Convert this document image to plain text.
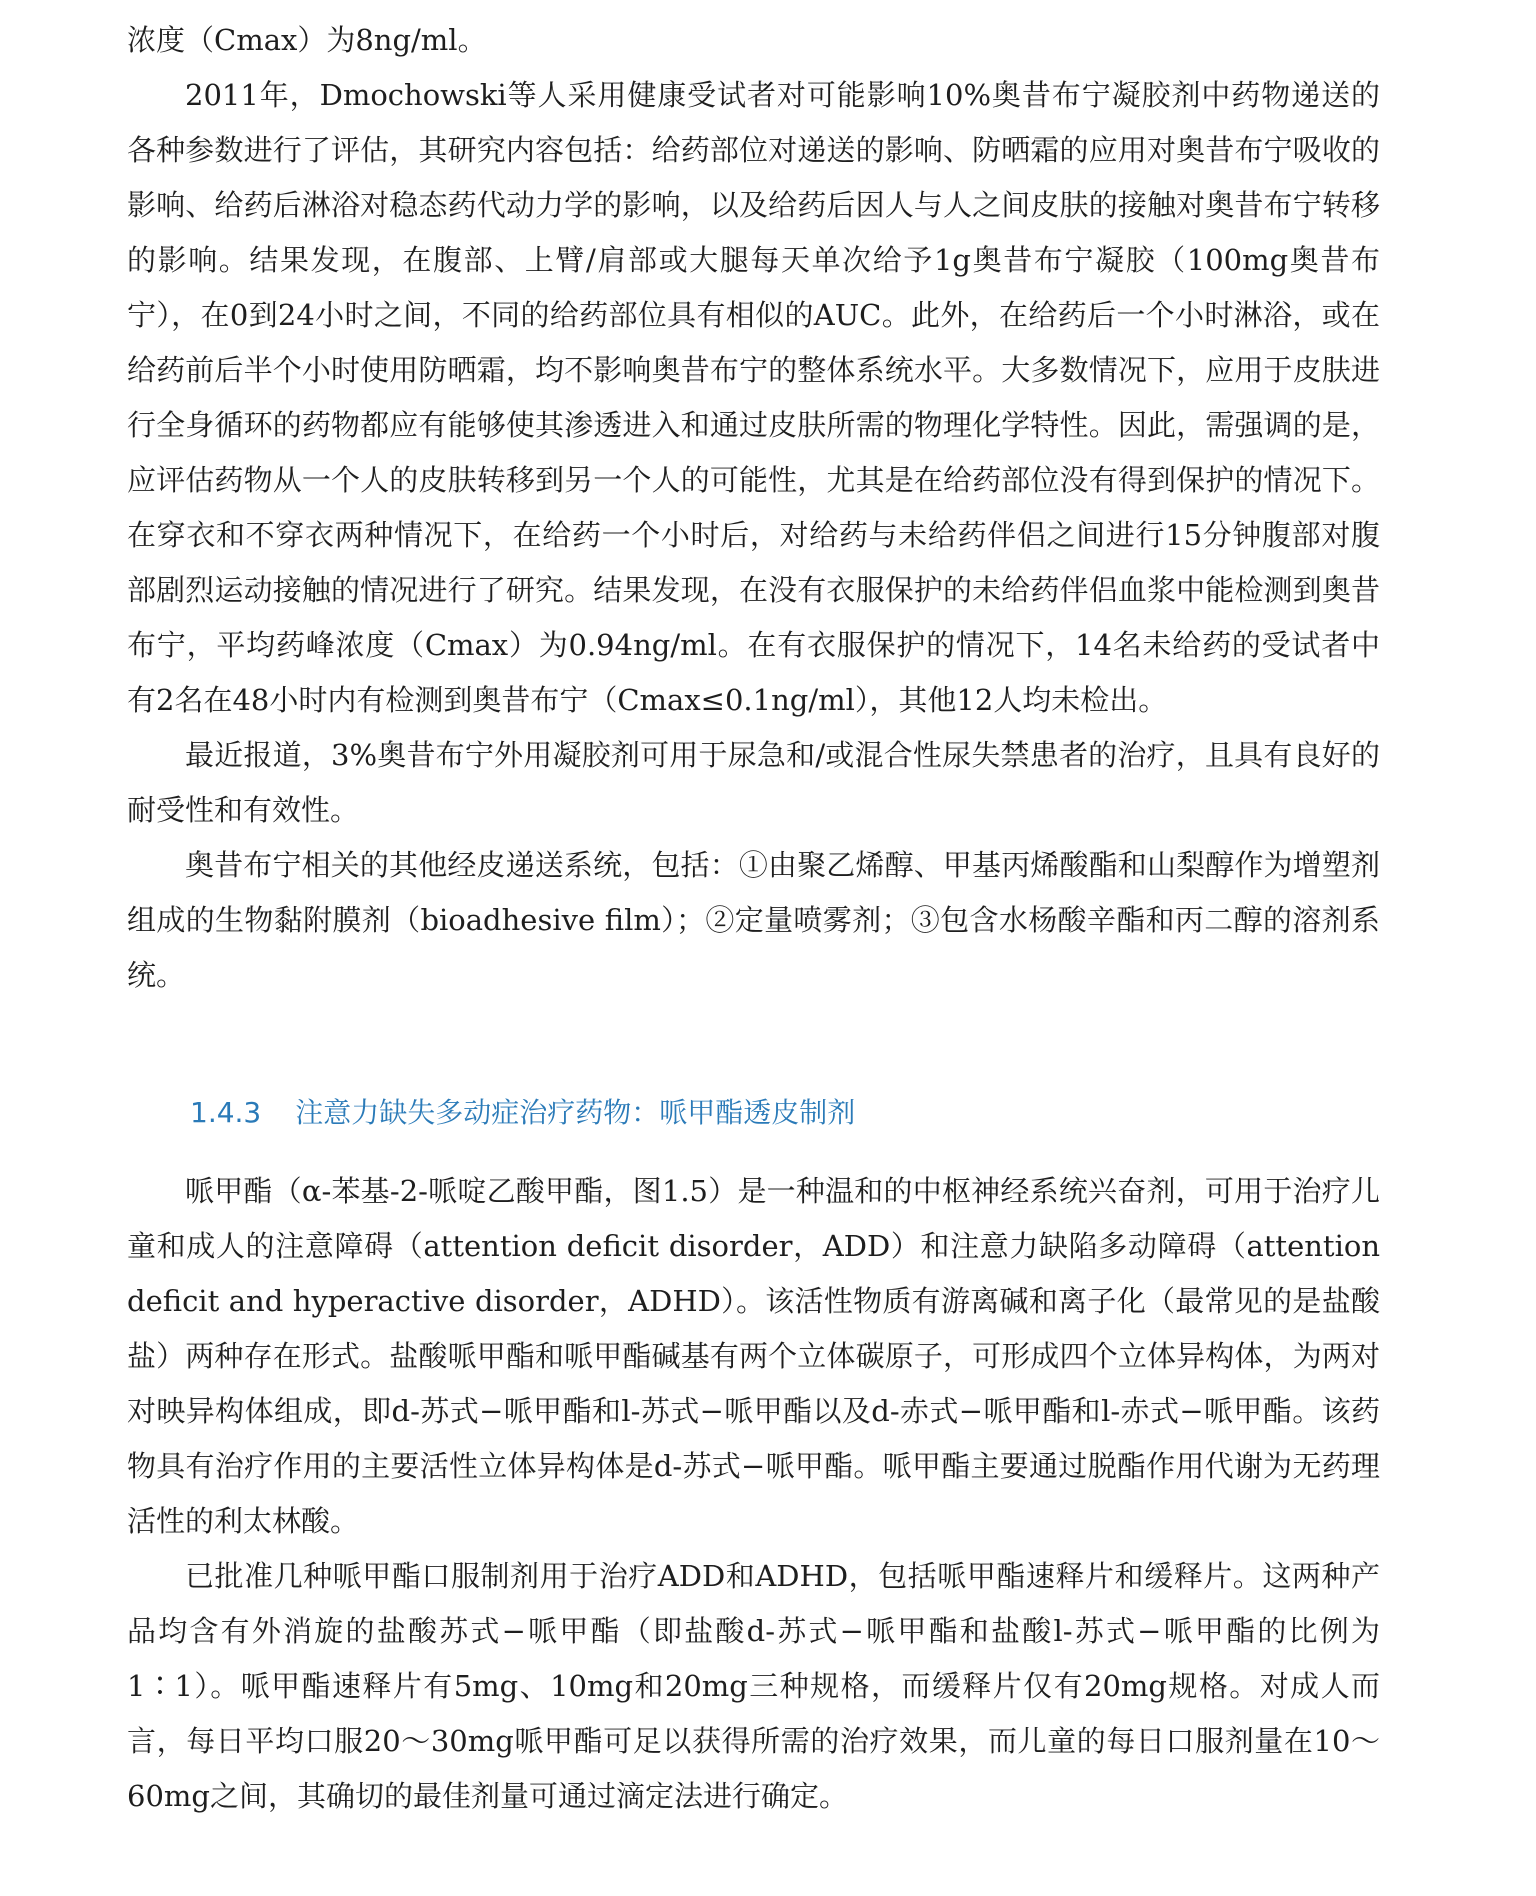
浓度（Cmax）为8ng/ml。

2011年，Dmochowski等人采用健康受试者对可能影响10%奥昔布宁凝胶剂中药物递送的各种参数进行了评估，其研究内容包括：给药部位对递送的影响、防晒霜的应用对奥昔布宁吸收的影响、给药后淋浴对稳态药代动力学的影响，以及给药后因人与人之间皮肤的接触对奥昔布宁转移的影响。结果发现，在腹部、上臂/肩部或大腿每天单次给予1g奥昔布宁凝胶（100mg奥昔布宁），在0到24小时之间，不同的给药部位具有相似的AUC。此外，在给药后一个小时淋浴，或在给药前后半个小时使用防晒霜，均不影响奥昔布宁的整体系统水平。大多数情况下，应用于皮肤进行全身循环的药物都应有能够使其渗透进入和通过皮肤所需的物理化学特性。因此，需强调的是，应评估药物从一个人的皮肤转移到另一个人的可能性，尤其是在给药部位没有得到保护的情况下。在穿衣和不穿衣两种情况下，在给药一个小时后，对给药与未给药伴侣之间进行15分钟腹部对腹部剧烈运动接触的情况进行了研究。结果发现，在没有衣服保护的未给药伴侣血浆中能检测到奥昔布宁，平均药峰浓度（Cmax）为0.94ng/ml。在有衣服保护的情况下，14名未给药的受试者中有2名在48小时内有检测到奥昔布宁（Cmax≤0.1ng/ml），其他12人均未检出。

最近报道，3%奥昔布宁外用凝胶剂可用于尿急和/或混合性尿失禁患者的治疗，且具有良好的耐受性和有效性。

奥昔布宁相关的其他经皮递送系统，包括：①由聚乙烯醇、甲基丙烯酸酯和山梨醇作为增塑剂组成的生物黏附膜剂（bioadhesive film）；②定量喷雾剂；③包含水杨酸辛酯和丙二醇的溶剂系统。

1.4.3 注意力缺失多动症治疗药物：哌甲酯透皮制剂

哌甲酯（α-苯基-2-哌啶乙酸甲酯，图1.5）是一种温和的中枢神经系统兴奋剂，可用于治疗儿童和成人的注意障碍（attention deficit disorder，ADD）和注意力缺陷多动障碍（attention deficit and hyperactive disorder，ADHD）。该活性物质有游离碱和离子化（最常见的是盐酸盐）两种存在形式。盐酸哌甲酯和哌甲酯碱基有两个立体碳原子，可形成四个立体异构体，为两对对映异构体组成，即d-苏式−哌甲酯和l-苏式−哌甲酯以及d-赤式−哌甲酯和l-赤式−哌甲酯。该药物具有治疗作用的主要活性立体异构体是d-苏式−哌甲酯。哌甲酯主要通过脱酯作用代谢为无药理活性的利太林酸。

已批准几种哌甲酯口服制剂用于治疗ADD和ADHD，包括哌甲酯速释片和缓释片。这两种产品均含有外消旋的盐酸苏式−哌甲酯（即盐酸d-苏式−哌甲酯和盐酸l-苏式−哌甲酯的比例为1∶1）。哌甲酯速释片有5mg、10mg和20mg三种规格，而缓释片仅有20mg规格。对成人而言，每日平均口服20～30mg哌甲酯可足以获得所需的治疗效果，而儿童的每日口服剂量在10～60mg之间，其确切的最佳剂量可通过滴定法进行确定。
